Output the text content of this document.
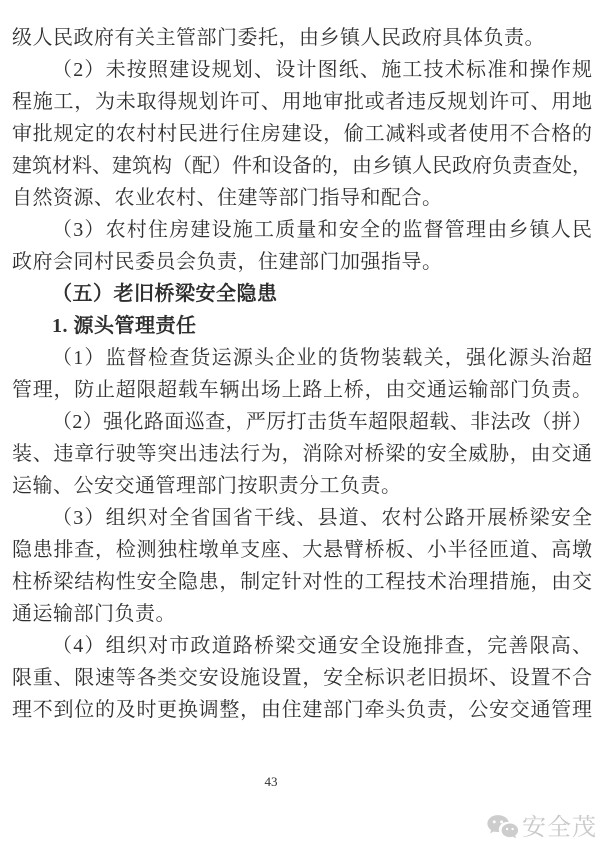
级人民政府有关主管部门委托，由乡镇人民政府具体负责。
（2）未按照建设规划、设计图纸、施工技术标准和操作规
程施工，为未取得规划许可、用地审批或者违反规划许可、用地
审批规定的农村村民进行住房建设，偷工减料或者使用不合格的
建筑材料、建筑构（配）件和设备的，由乡镇人民政府负责查处，
自然资源、农业农村、住建等部门指导和配合。
（3）农村住房建设施工质量和安全的监督管理由乡镇人民
政府会同村民委员会负责，住建部门加强指导。
（五）老旧桥梁安全隐患
1. 源头管理责任
（1）监督检查货运源头企业的货物装载关，强化源头治超
管理，防止超限超载车辆出场上路上桥，由交通运输部门负责。
（2）强化路面巡查，严厉打击货车超限超载、非法改（拼）
装、违章行驶等突出违法行为，消除对桥梁的安全威胁，由交通
运输、公安交通管理部门按职责分工负责。
（3）组织对全省国省干线、县道、农村公路开展桥梁安全
隐患排查，检测独柱墩单支座、大悬臂桥板、小半径匝道、高墩
柱桥梁结构性安全隐患，制定针对性的工程技术治理措施，由交
通运输部门负责。
（4）组织对市政道路桥梁交通安全设施排查，完善限高、
限重、限速等各类交安设施设置，安全标识老旧损坏、设置不合
理不到位的及时更换调整，由住建部门牵头负责，公安交通管理
43
安全茂
